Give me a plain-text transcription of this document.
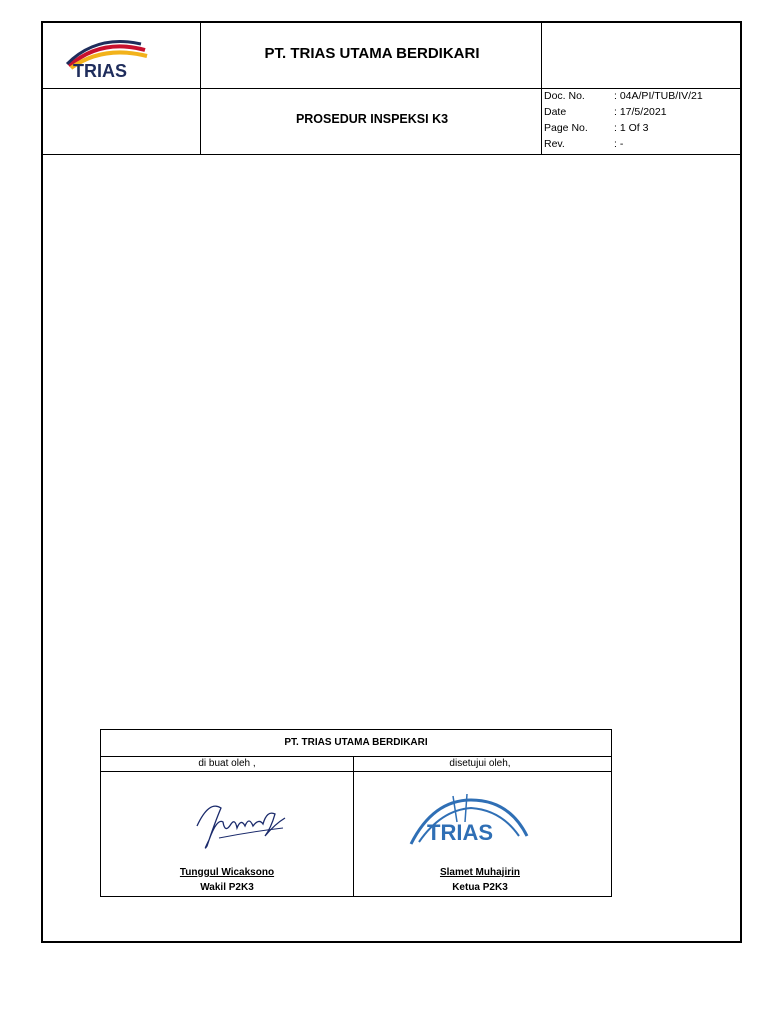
TRIAS
PT. TRIAS UTAMA BERDIKARI
PROSEDUR INSPEKSI K3
Doc. No.	: 04A/PI/TUB/IV/21
Date	: 17/5/2021
Page No. : 1 Of 3
Rev.	: -
PT. TRIAS UTAMA BERDIKARI
di buat oleh ,	disetujui oleh,
TRIAS
Tunggul Wicaksono
Wakil P2K3
Slamet Muhajirin
Ketua P2K3
